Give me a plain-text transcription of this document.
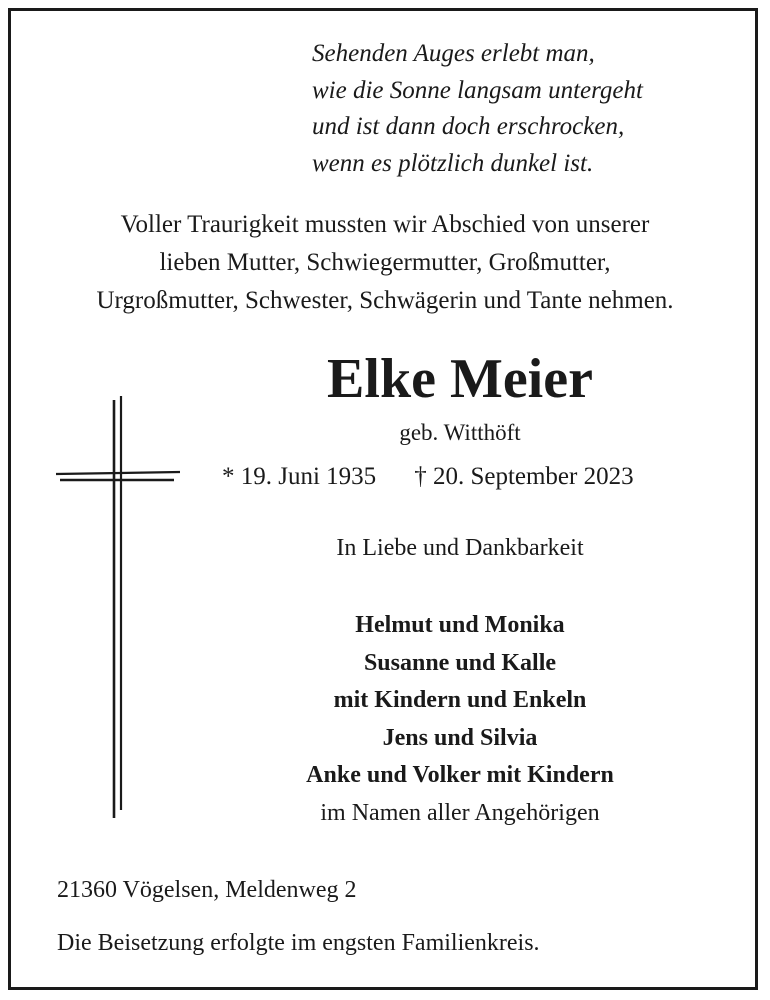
Sehenden Auges erlebt man,
wie die Sonne langsam untergeht
und ist dann doch erschrocken,
wenn es plötzlich dunkel ist.
Voller Traurigkeit mussten wir Abschied von unserer
lieben Mutter, Schwiegermutter, Großmutter,
Urgroßmutter, Schwester, Schwägerin und Tante nehmen.
Elke Meier
geb. Witthöft
* 19. Juni 1935 † 20. September 2023
In Liebe und Dankbarkeit
Helmut und Monika
Susanne und Kalle
mit Kindern und Enkeln
Jens und Silvia
Anke und Volker mit Kindern
im Namen aller Angehörigen
21360 Vögelsen, Meldenweg 2
Die Beisetzung erfolgte im engsten Familienkreis.
